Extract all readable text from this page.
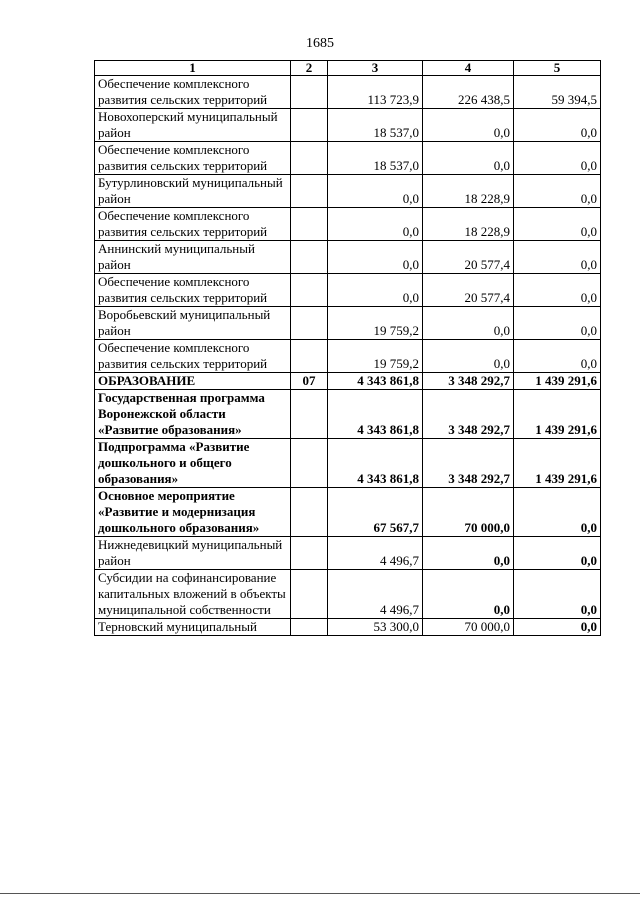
1685
1	2	3	4	5
Обеспечение комплексного развития сельских территорий		113 723,9	226 438,5	59 394,5
Новохоперский муниципальный район		18 537,0	0,0	0,0
Обеспечение комплексного развития сельских территорий		18 537,0	0,0	0,0
Бутурлиновский муниципальный район		0,0	18 228,9	0,0
Обеспечение комплексного развития сельских территорий		0,0	18 228,9	0,0
Аннинский муниципальный район		0,0	20 577,4	0,0
Обеспечение комплексного развития сельских территорий		0,0	20 577,4	0,0
Воробьевский муниципальный район		19 759,2	0,0	0,0
Обеспечение комплексного развития сельских территорий		19 759,2	0,0	0,0
ОБРАЗОВАНИЕ	07	4 343 861,8	3 348 292,7	1 439 291,6
Государственная программа Воронежской области «Развитие образования»		4 343 861,8	3 348 292,7	1 439 291,6
Подпрограмма «Развитие дошкольного и общего образования»		4 343 861,8	3 348 292,7	1 439 291,6
Основное мероприятие «Развитие и модернизация дошкольного образования»		67 567,7	70 000,0	0,0
Нижнедевицкий муниципальный район		4 496,7	0,0	0,0
Субсидии на софинансирование капитальных вложений в объекты муниципальной собственности		4 496,7	0,0	0,0
Терновский муниципальный		53 300,0	70 000,0	0,0
